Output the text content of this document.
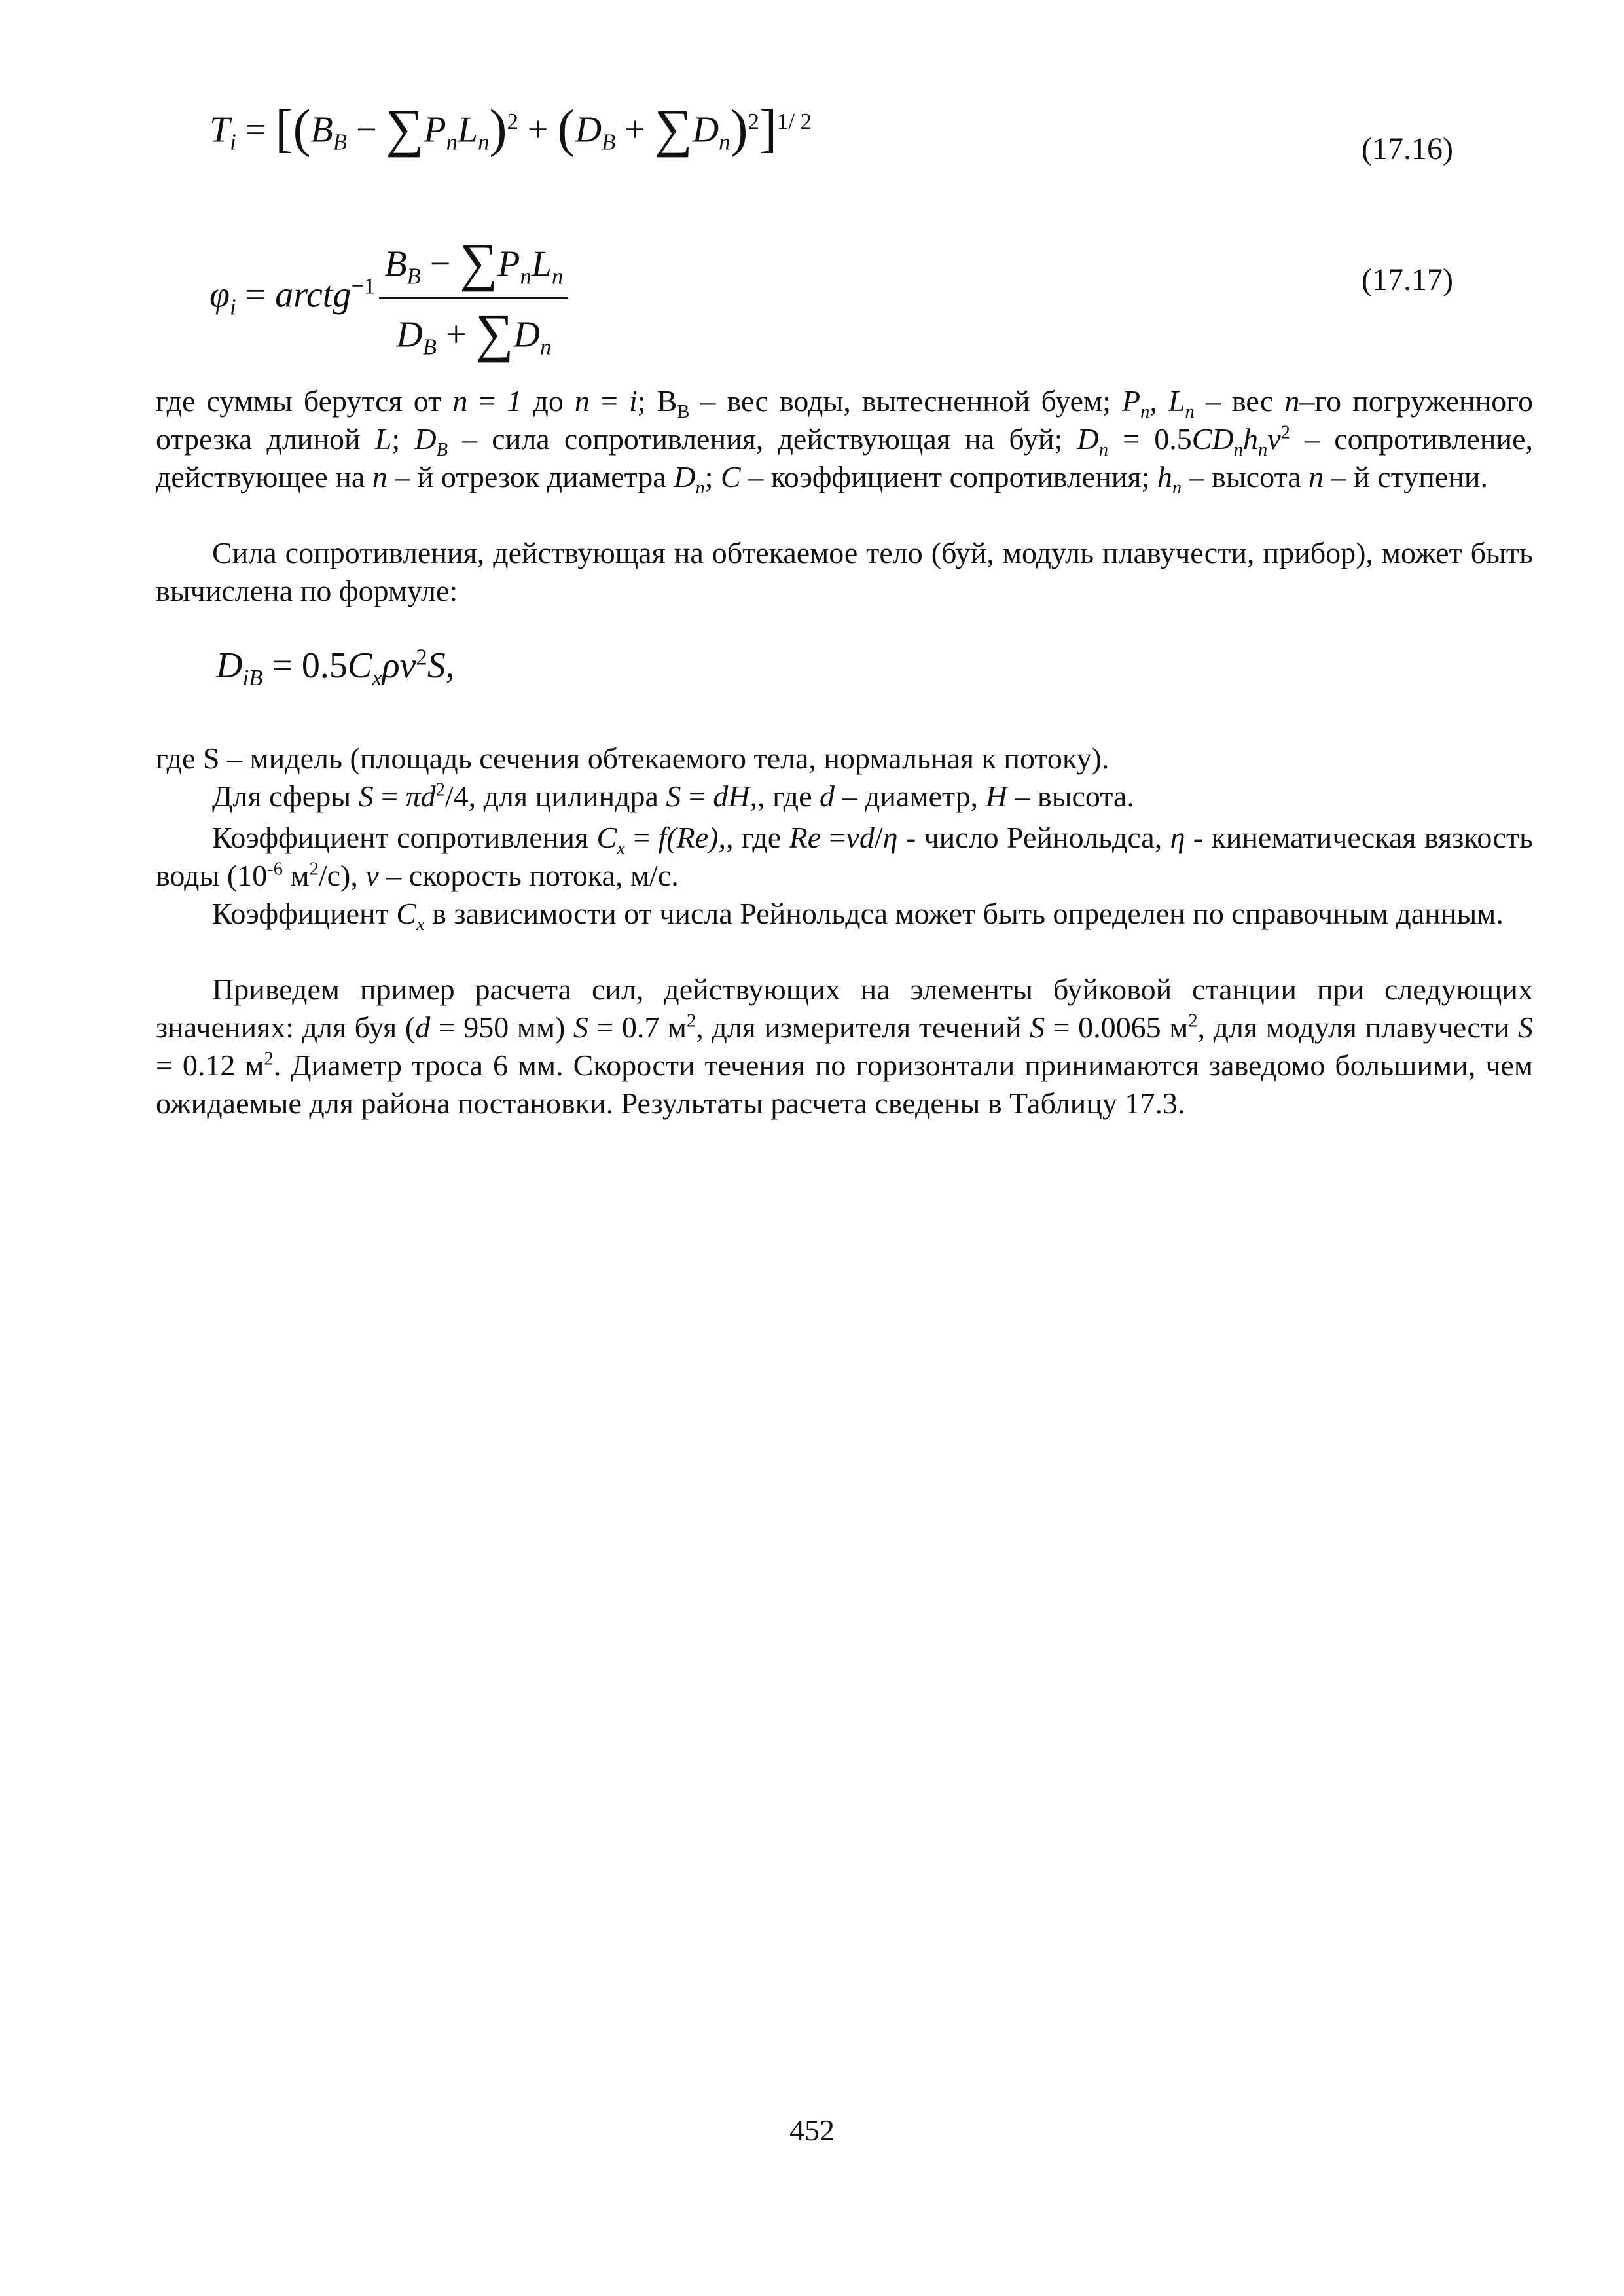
$T_i = [(B_B - \sum P_nL_n)^2 + (D_B + \sum D_n)^2]^{1/ 2}$
(17.16)
$\varphi_i$ = arctg$^{-1}$ $\frac{B_B - \sum P_nL_n}{D_B + \sum D_n}$	(17.17)

где суммы берутся от n = 1 до n = i; $B_B$ – вес воды, вытесненной буем; $P_n$, $L_n$ – вес n–го погруженного отрезка длиной L; $D_B$ – сила сопротивления, действующая на буй; $D_n = 0.5CD_nh_nv^2$ – сопротивление, действующее на n – й отрезок диаметра $D_n$; C – коэффициент сопротивления; $h_n$ – высота n – й ступени.

Сила сопротивления, действующая на обтекаемое тело (буй, модуль плавучести, прибор), может быть вычислена по формуле:

$D_{iB} = 0.5C_x\rho v^2S$,

где S – мидель (площадь сечения обтекаемого тела, нормальная к потоку).

Для сферы $S = \pi d^2/4$, для цилиндра S = dH,, где d – диаметр, H – высота.

Коэффициент сопротивления $C_x = f(Re)$,, где Re =vd/η - число Рейнольдса, η - кинематическая вязкость воды ($10^{-6}$ $м^2/с$), v – скорость потока, м/с.

Коэффициент $C_x$ в зависимости от числа Рейнольдса может быть определен по справочным данным.

Приведем пример расчета сил, действующих на элементы буйковой станции при следующих значениях: для буя (d = 950 мм) S = 0.7 $м^2$, для измерителя течений S = 0.0065 $м^2$, для модуля плавучести S = 0.12 $м^2$. Диаметр троса 6 мм. Скорости течения по горизонтали принимаются заведомо большими, чем ожидаемые для района постановки. Результаты расчета сведены в Таблицу 17.3.

452
